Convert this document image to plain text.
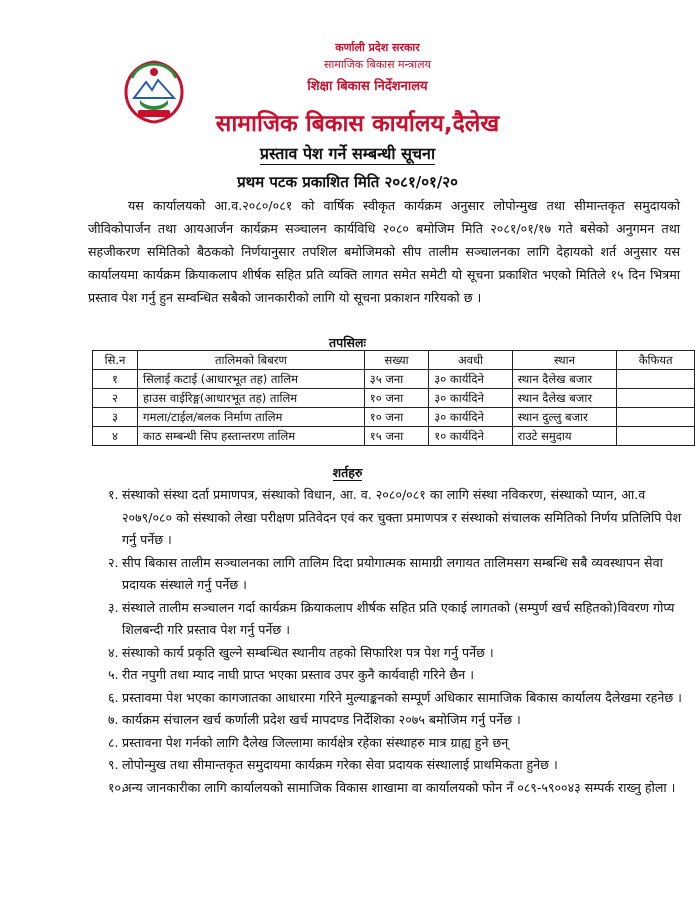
कर्णाली प्रदेश सरकार
सामाजिक बिकास मन्त्रालय
शिक्षा बिकास निर्देशनालय
सामाजिक बिकास कार्यालय,दैलेख
प्रस्ताव पेश गर्ने सम्बन्धी सूचना
प्रथम पटक प्रकाशित मिति २०८१/०१/२०
यस कार्यालयको आ.व.२०८०/०८१ को वार्षिक स्वीकृत कार्यक्रम अनुसार लोपोन्मुख तथा सीमान्तकृत समुदायको जीविकोपार्जन तथा आयआर्जन कार्यक्रम सञ्चालन कार्यविधि २०८० बमोजिम मिति २०८१/०१/१७ गते बसेको अनुगमन तथा सहजीकरण समितिको बैठकको निर्णयानुसार तपशिल बमोजिमको सीप तालीम सञ्चालनका लागि देहायको शर्त अनुसार यस कार्यालयमा कार्यक्रम क्रियाकलाप शीर्षक सहित प्रति व्यक्ति लागत समेत समेटी यो सूचना प्रकाशित भएको मितिले १५ दिन भित्रमा प्रस्ताव पेश गर्नु हुन सम्वन्धित सबैको जानकारीको लागि यो सूचना प्रकाशन गरियको छ ।
तपसिलः
सि.न	तालिमको बिबरण	सख्या	अवधी	स्थान	कैफियत
१	सिलाई कटाई (आधारभूत तह) तालिम	३५ जना	३० कार्यदिने	स्थान दैलेख बजार	
२	हाउस वाईरिङ्ग(आधारभूत तह) तालिम	१० जना	३० कार्यदिने	स्थान दैलेख बजार	
३	गमला/टाईल/बलक निर्माण तालिम	१० जना	३० कार्यदिने	स्थान दुल्लु बजार	
४	काठ सम्बन्धी सिप हस्तान्तरण तालिम	१५ जना	१० कार्यदिने	राउटे समुदाय	
शर्तहरु
१. संस्थाको संस्था दर्ता प्रमाणपत्र, संस्थाको विधान, आ. व. २०८०/०८१ का लागि संस्था नविकरण, संस्थाको प्यान, आ.व २०७९/०८० को संस्थाको लेखा परीक्षण प्रतिवेदन एवं कर चुक्ता प्रमाणपत्र र संस्थाको संचालक समितिको निर्णय प्रतिलिपि पेश गर्नु पर्नेछ ।
२. सीप बिकास तालीम सञ्चालनका लागि तालिम दिदा प्रयोगात्मक सामाग्री लगायत तालिमसग सम्बन्धि सबै व्यवस्थापन सेवा प्रदायक संस्थाले गर्नु पर्नेछ ।
३. संस्थाले तालीम सञ्चालन गर्दा कार्यक्रम क्रियाकलाप शीर्षक सहित प्रति एकाई लागतको (सम्पुर्ण खर्च सहितको)विवरण गोप्य शिलबन्दी गरि प्रस्ताव पेश गर्नु पर्नेछ ।
४. संस्थाको कार्य प्रकृति खुल्ने सम्बन्धित स्थानीय तहको सिफारिश पत्र पेश गर्नु पर्नेछ ।
५. रीत नपुगी तथा म्याद नाघी प्राप्त भएका प्रस्ताव उपर कुनै कार्यवाही गरिने छैन ।
६. प्रस्तावमा पेश भएका कागजातका आधारमा गरिने मुल्याङ्कनको सम्पूर्ण अधिकार सामाजिक बिकास कार्यालय दैलेखमा रहनेछ ।
७. कार्यक्रम संचालन खर्च कर्णाली प्रदेश खर्च मापदण्ड निर्देशिका २०७५ बमोजिम गर्नु पर्नेछ ।
८. प्रस्तावना पेश गर्नको लागि दैलेख जिल्लामा कार्यक्षेत्र रहेका संस्थाहरु मात्र ग्राह्य हुने छन्
९. लोपोन्मुख तथा सीमान्तकृत समुदायमा कार्यक्रम गरेका सेवा प्रदायक संस्थालाई प्राथमिकता हुनेछ ।
१०.
अन्य जानकारीका लागि कार्यालयको सामाजिक विकास शाखामा वा कार्यालयको फोन नँ ०८९-५९००४३ सम्पर्क राख्नु होला ।
